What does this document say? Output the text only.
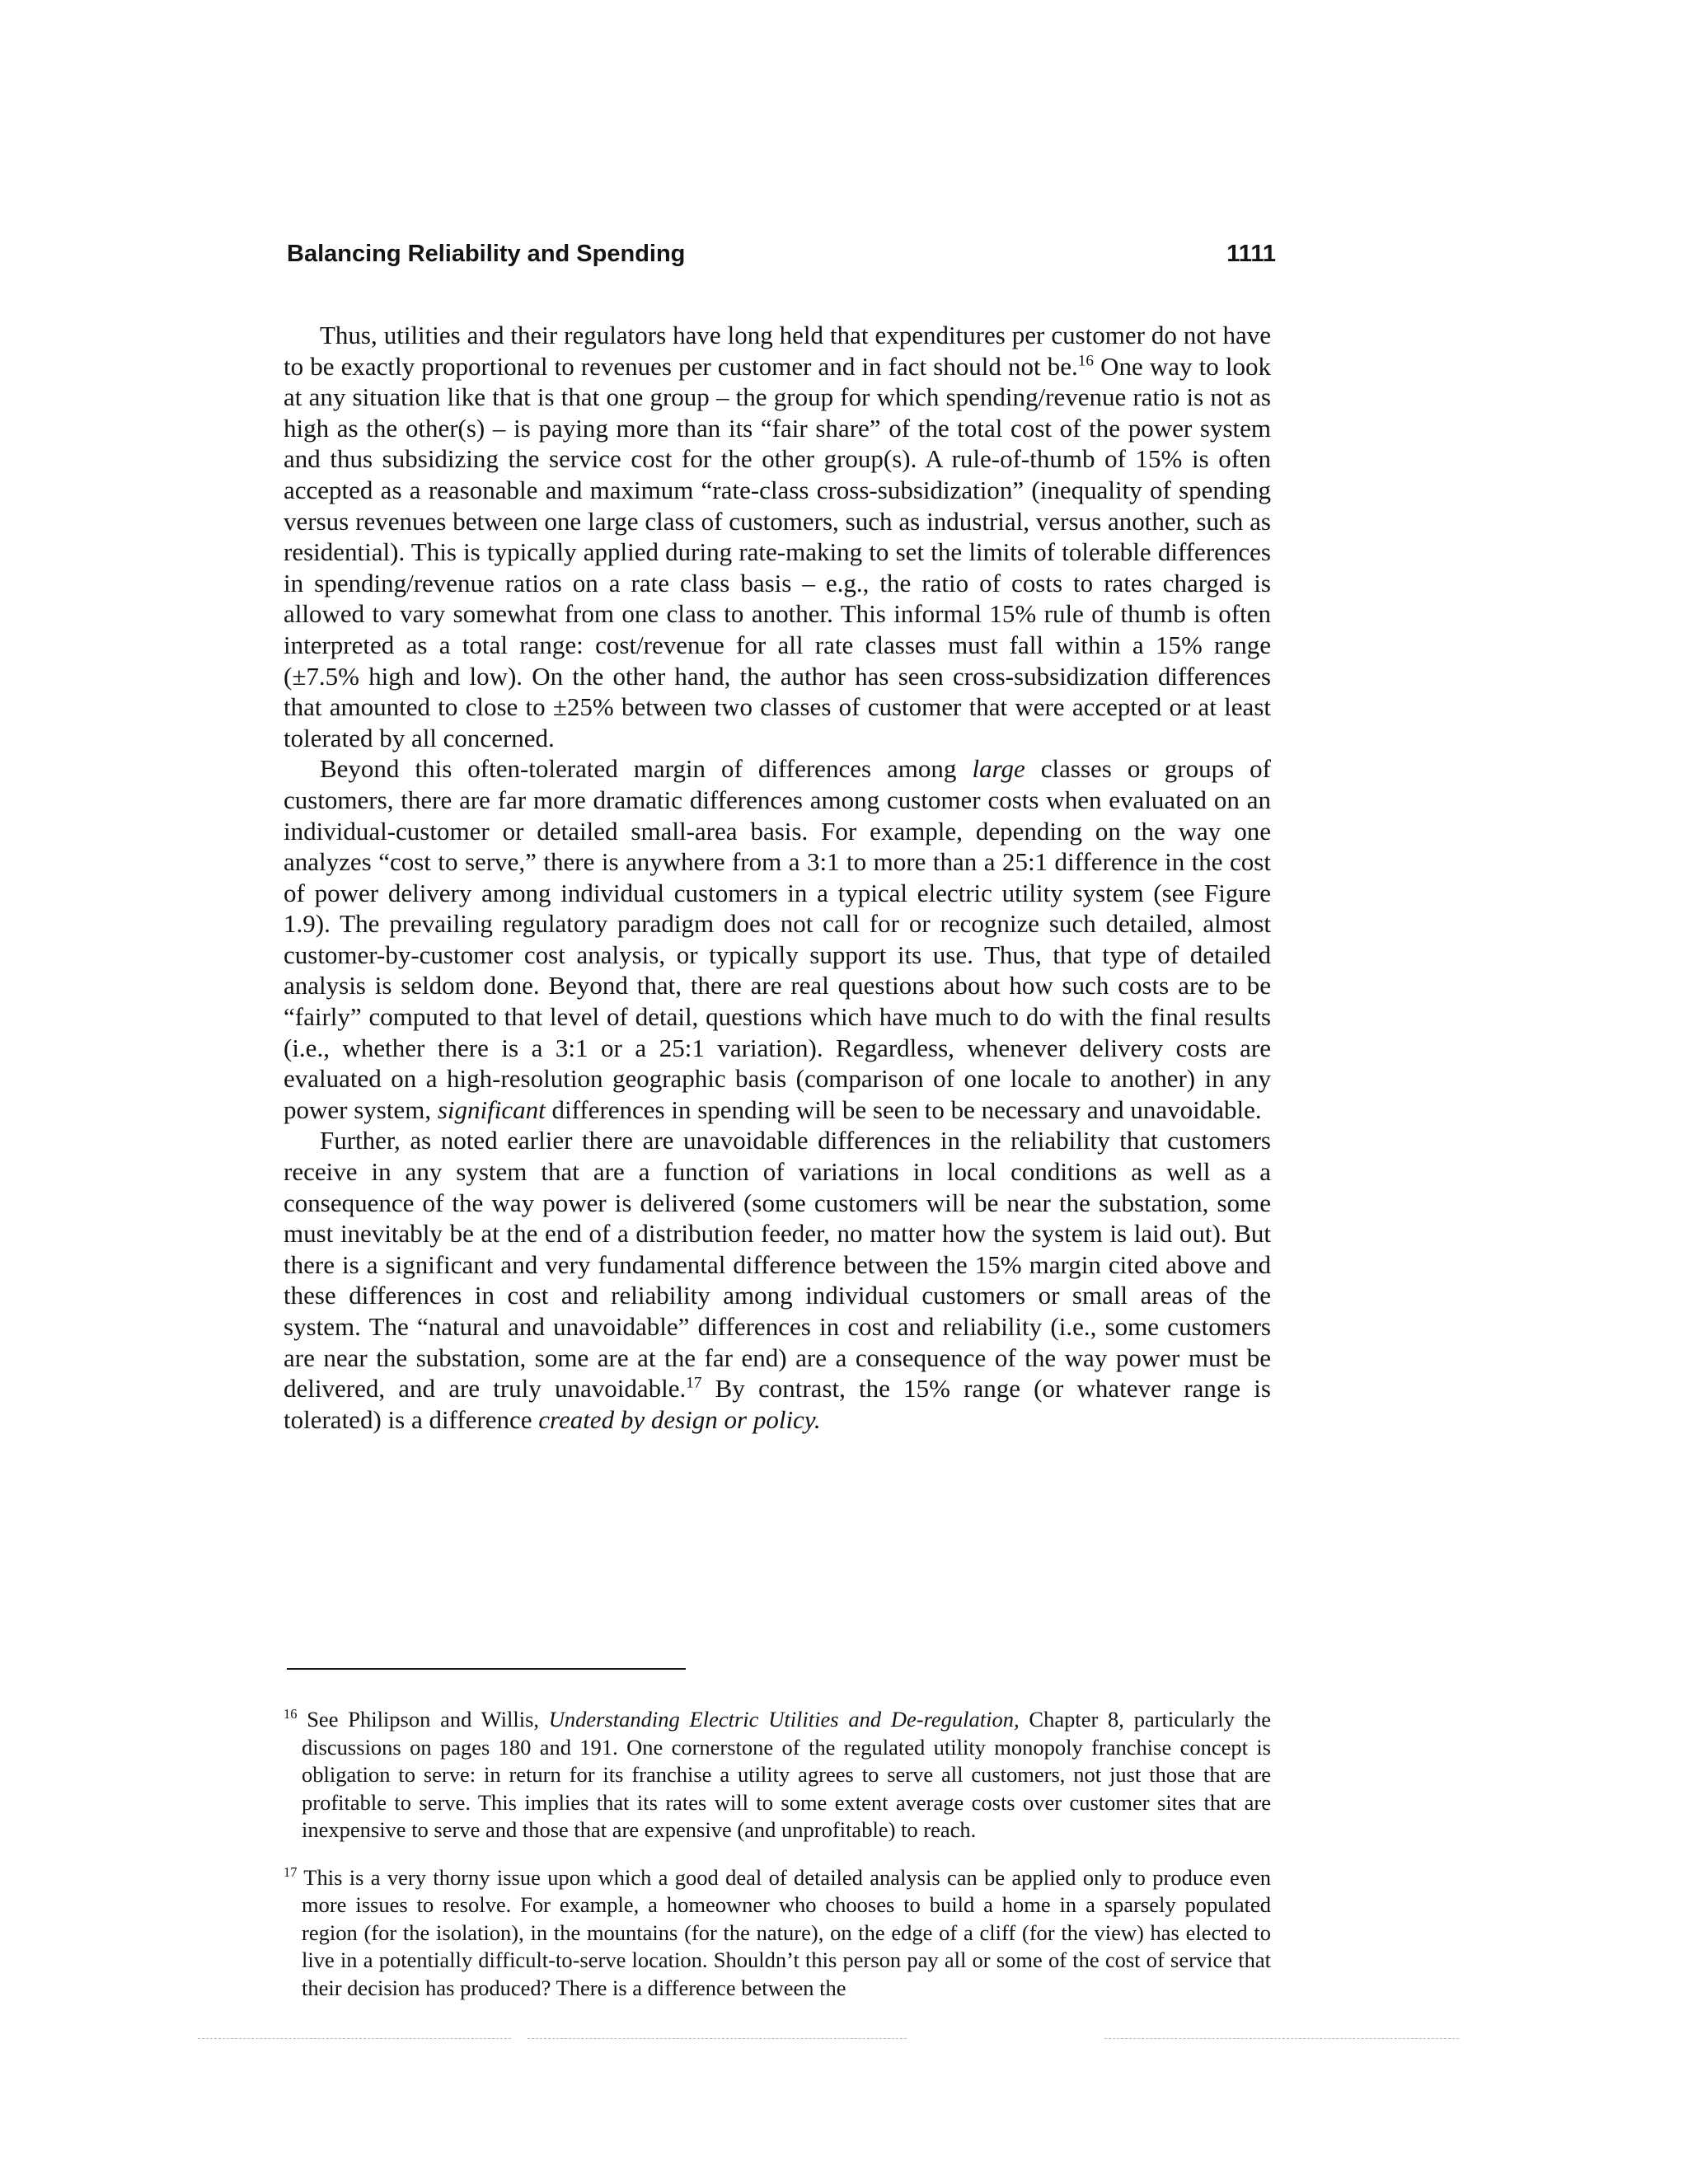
Balancing Reliability and Spending	1111

Thus, utilities and their regulators have long held that expenditures per customer do not have to be exactly proportional to revenues per customer and in fact should not be.$^{16}$ One way to look at any situation like that is that one group – the group for which spending/revenue ratio is not as high as the other(s) – is paying more than its “fair share” of the total cost of the power system and thus subsidizing the service cost for the other group(s). A rule-of-thumb of 15% is often accepted as a reasonable and maximum “rate-class cross-subsidization” (inequality of spending versus revenues between one large class of customers, such as industrial, versus another, such as residential). This is typically applied during rate-making to set the limits of tolerable differences in spending/revenue ratios on a rate class basis – e.g., the ratio of costs to rates charged is allowed to vary somewhat from one class to another. This informal 15% rule of thumb is often interpreted as a total range: cost/revenue for all rate classes must fall within a 15% range (±7.5% high and low). On the other hand, the author has seen cross-subsidization differences that amounted to close to ±25% between two classes of customer that were accepted or at least tolerated by all concerned.

Beyond this often-tolerated margin of differences among large classes or groups of customers, there are far more dramatic differences among customer costs when evaluated on an individual-customer or detailed small-area basis. For example, depending on the way one analyzes “cost to serve,” there is anywhere from a 3:1 to more than a 25:1 difference in the cost of power delivery among individual customers in a typical electric utility system (see Figure 1.9). The prevailing regulatory paradigm does not call for or recognize such detailed, almost customer-by-customer cost analysis, or typically support its use. Thus, that type of detailed analysis is seldom done. Beyond that, there are real questions about how such costs are to be “fairly” computed to that level of detail, questions which have much to do with the final results (i.e., whether there is a 3:1 or a 25:1 variation). Regardless, whenever delivery costs are evaluated on a high-resolution geographic basis (comparison of one locale to another) in any power system, significant differences in spending will be seen to be necessary and unavoidable.

Further, as noted earlier there are unavoidable differences in the reliability that customers receive in any system that are a function of variations in local conditions as well as a consequence of the way power is delivered (some customers will be near the substation, some must inevitably be at the end of a distribution feeder, no matter how the system is laid out). But there is a significant and very fundamental difference between the 15% margin cited above and these differences in cost and reliability among individual customers or small areas of the system. The “natural and unavoidable” differences in cost and reliability (i.e., some customers are near the substation, some are at the far end) are a consequence of the way power must be delivered, and are truly unavoidable.$^{17}$ By contrast, the 15% range (or whatever range is tolerated) is a difference created by design or policy.

$^{16}$ See Philipson and Willis, Understanding Electric Utilities and De-regulation, Chapter 8, particularly the discussions on pages 180 and 191. One cornerstone of the regulated utility monopoly franchise concept is obligation to serve: in return for its franchise a utility agrees to serve all customers, not just those that are profitable to serve. This implies that its rates will to some extent average costs over customer sites that are inexpensive to serve and those that are expensive (and unprofitable) to reach.

$^{17}$ This is a very thorny issue upon which a good deal of detailed analysis can be applied only to produce even more issues to resolve. For example, a homeowner who chooses to build a home in a sparsely populated region (for the isolation), in the mountains (for the nature), on the edge of a cliff (for the view) has elected to live in a potentially difficult-to-serve location. Shouldn’t this person pay all or some of the cost of service that their decision has produced? There is a difference between the
